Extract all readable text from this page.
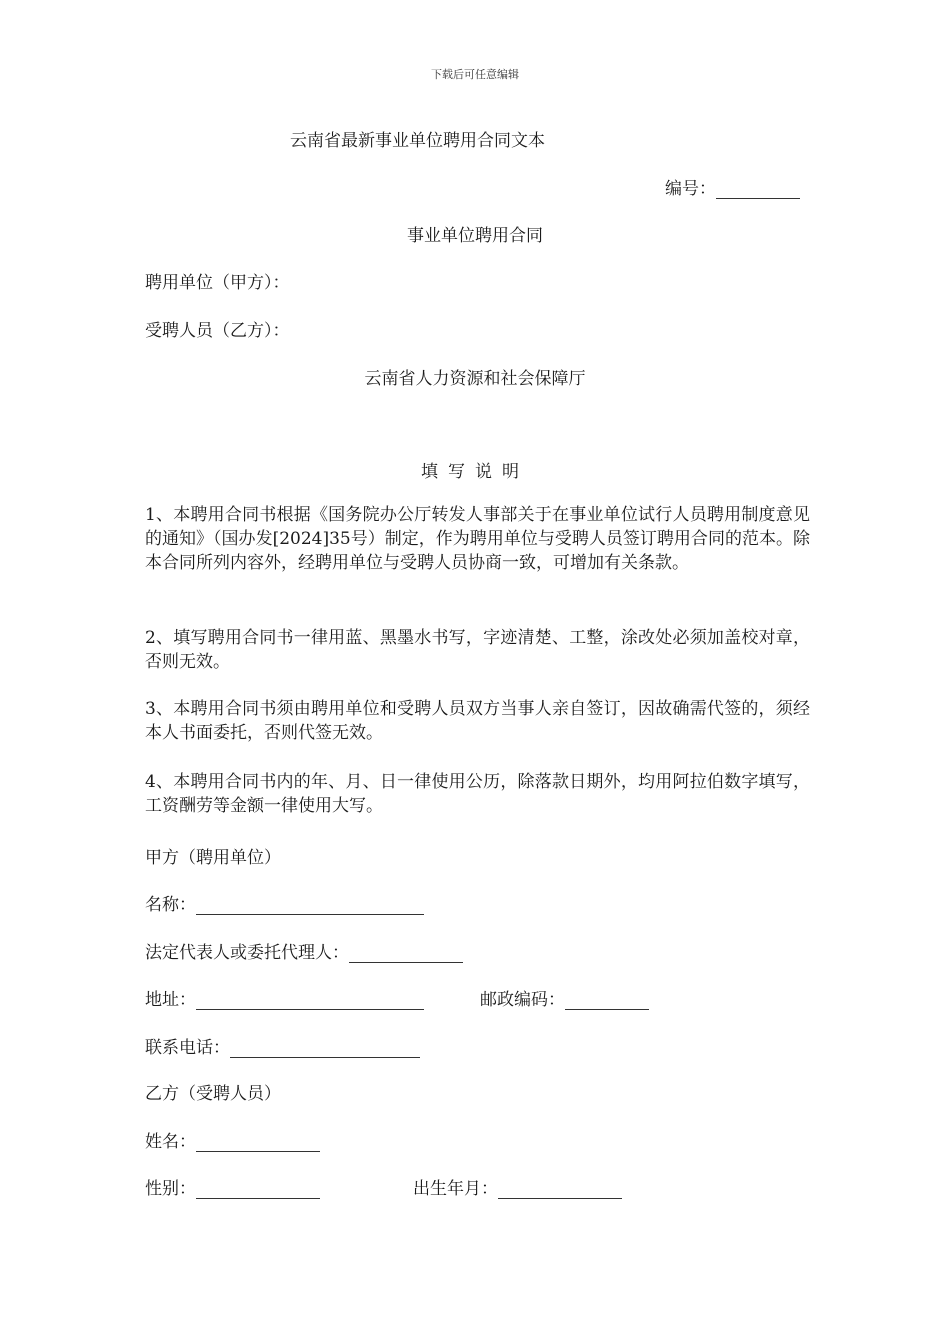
下载后可任意编辑
云南省最新事业单位聘用合同文本
编号：
事业单位聘用合同
聘用单位（甲方）：
受聘人员（乙方）：
云南省人力资源和社会保障厅
填写说明
1、本聘用合同书根据《国务院办公厅转发人事部关于在事业单位试行人员聘用制度意见的通知》（国办发[2024]35号）制定，作为聘用单位与受聘人员签订聘用合同的范本。除本合同所列内容外，经聘用单位与受聘人员协商一致，可增加有关条款。
2、填写聘用合同书一律用蓝、黑墨水书写，字迹清楚、工整，涂改处必须加盖校对章，否则无效。
3、本聘用合同书须由聘用单位和受聘人员双方当事人亲自签订，因故确需代签的，须经本人书面委托，否则代签无效。
4、本聘用合同书内的年、月、日一律使用公历，除落款日期外，均用阿拉伯数字填写，工资酬劳等金额一律使用大写。
甲方（聘用单位）
名称：
法定代表人或委托代理人：
地址：	邮政编码：
联系电话：
乙方（受聘人员）
姓名：
性别：	出生年月：
